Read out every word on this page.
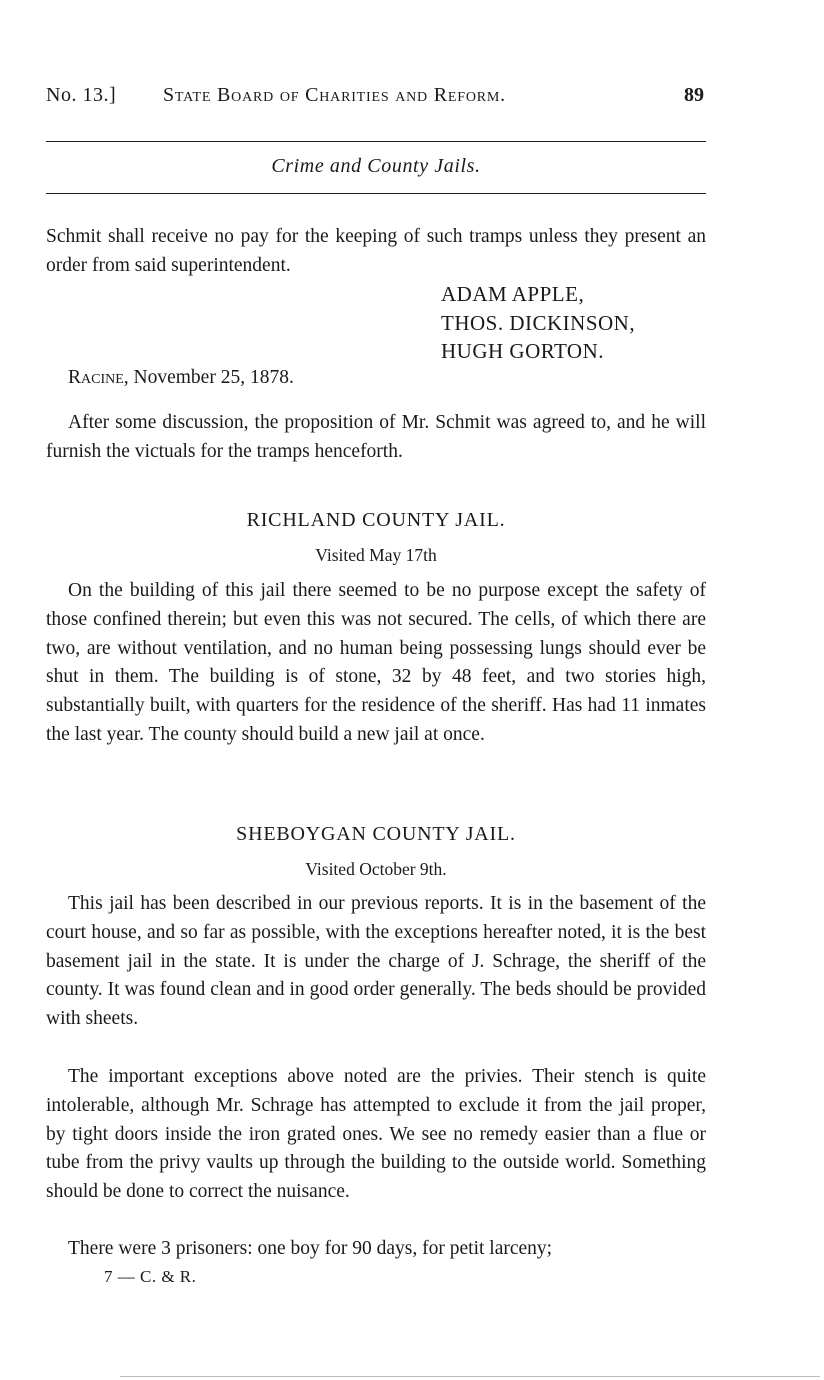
No. 13.] State Board of Charities and Reform.	89
Crime and County Jails.

Schmit shall receive no pay for the keeping of such tramps unless they present an order from said superintendent.

ADAM APPLE,
THOS. DICKINSON,
HUGH GORTON.
Racine, November 25, 1878.

After some discussion, the proposition of Mr. Schmit was agreed to, and he will furnish the victuals for the tramps henceforth.

RICHLAND COUNTY JAIL.
Visited May 17th

On the building of this jail there seemed to be no purpose except the safety of those confined therein; but even this was not secured. The cells, of which there are two, are without ventilation, and no human being possessing lungs should ever be shut in them. The building is of stone, 32 by 48 feet, and two stories high, substantially built, with quarters for the residence of the sheriff. Has had 11 inmates the last year. The county should build a new jail at once.

SHEBOYGAN COUNTY JAIL.
Visited October 9th.

This jail has been described in our previous reports. It is in the basement of the court house, and so far as possible, with the exceptions hereafter noted, it is the best basement jail in the state. It is under the charge of J. Schrage, the sheriff of the county. It was found clean and in good order generally. The beds should be provided with sheets.

The important exceptions above noted are the privies. Their stench is quite intolerable, although Mr. Schrage has attempted to exclude it from the jail proper, by tight doors inside the iron grated ones. We see no remedy easier than a flue or tube from the privy vaults up through the building to the outside world. Something should be done to correct the nuisance.

There were 3 prisoners: one boy for 90 days, for petit larceny;

7 — C. & R.
